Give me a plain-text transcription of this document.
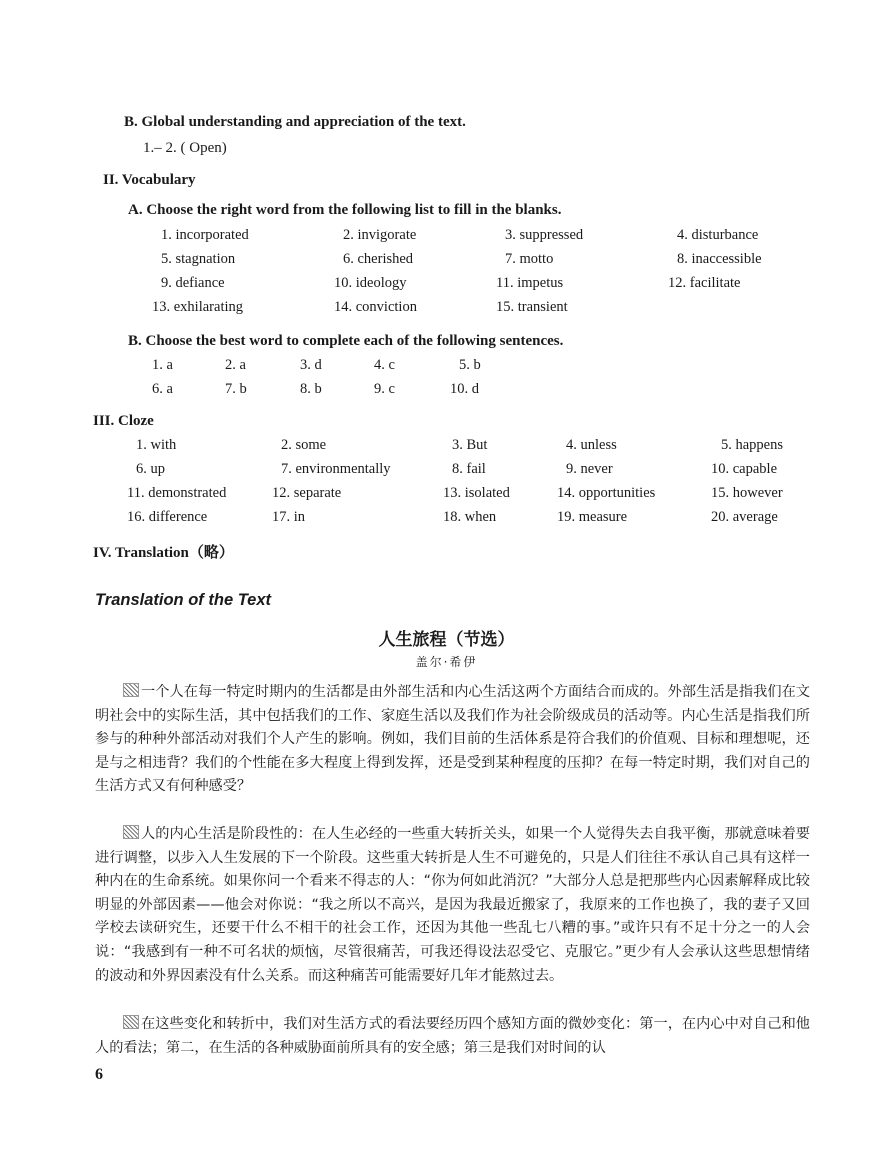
B. Global understanding and appreciation of the text.
1.– 2. ( Open)
II. Vocabulary
A. Choose the right word from the following list to fill in the blanks.
1. incorporated	2. invigorate	3. suppressed	4. disturbance
5. stagnation	6. cherished	7. motto	8. inaccessible
9. defiance	10. ideology	11. impetus	12. facilitate
13. exhilarating	14. conviction	15. transient
B. Choose the best word to complete each of the following sentences.
1. a	2. a	3. d	4. c	5. b
6. a	7. b	8. b	9. c	10. d
III. Cloze
1. with	2. some	3. But	4. unless	5. happens
6. up	7. environmentally	8. fail	9. never	10. capable
11. demonstrated	12. separate	13. isolated	14. opportunities	15. however
16. difference	17. in	18. when	19. measure	20. average
IV. Translation（略）
Translation of the Text
人生旅程（节选）
盖尔·希伊
一个人在每一特定时期内的生活都是由外部生活和内心生活这两个方面结合而成的。外部生活是指我们在文明社会中的实际生活，其中包括我们的工作、家庭生活以及我们作为社会阶级成员的活动等。内心生活是指我们所参与的种种外部活动对我们个人产生的影响。例如，我们目前的生活体系是符合我们的价值观、目标和理想呢，还是与之相违背？我们的个性能在多大程度上得到发挥，还是受到某种程度的压抑？在每一特定时期，我们对自己的生活方式又有何种感受？
人的内心生活是阶段性的：在人生必经的一些重大转折关头，如果一个人觉得失去自我平衡，那就意味着要进行调整，以步入人生发展的下一个阶段。这些重大转折是人生不可避免的，只是人们往往不承认自己具有这样一种内在的生命系统。如果你问一个看来不得志的人：“你为何如此消沉？”大部分人总是把那些内心因素解释成比较明显的外部因素——他会对你说：“我之所以不高兴，是因为我最近搬家了，我原来的工作也换了，我的妻子又回学校去读研究生，还要干什么不相干的社会工作，还因为其他一些乱七八糟的事。”或许只有不足十分之一的人会说：“我感到有一种不可名状的烦恼，尽管很痛苦，可我还得设法忍受它、克服它。”更少有人会承认这些思想情绪的波动和外界因素没有什么关系。而这种痛苦可能需要好几年才能熬过去。
在这些变化和转折中，我们对生活方式的看法要经历四个感知方面的微妙变化：第一，在内心中对自己和他人的看法；第二，在生活的各种威胁面前所具有的安全感；第三是我们对时间的认
6
